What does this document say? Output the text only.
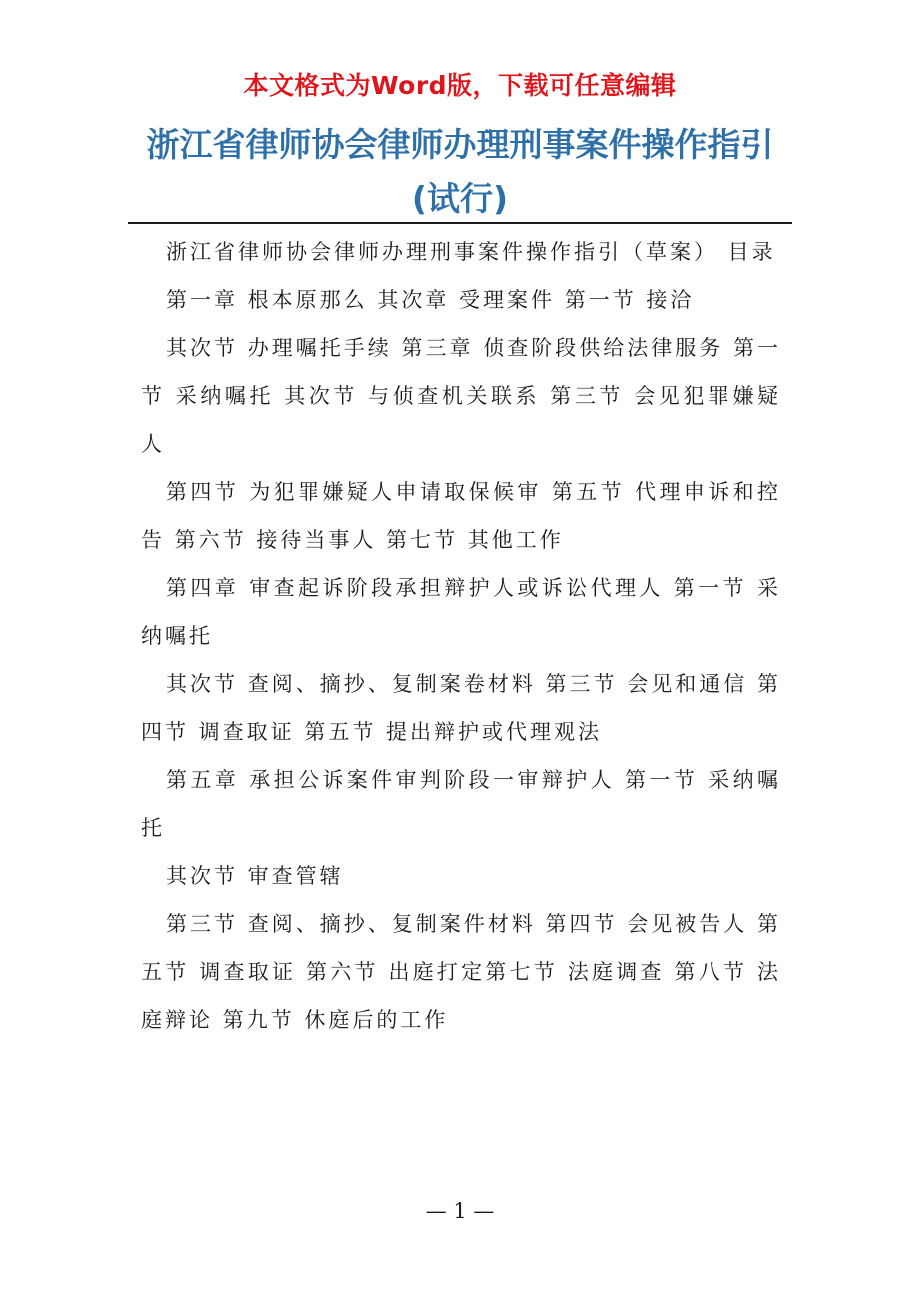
本文格式为Word版，下载可任意编辑
浙江省律师协会律师办理刑事案件操作指引(试行)

浙江省律师协会律师办理刑事案件操作指引（草案） 目录

第一章 根本原那么 其次章 受理案件 第一节 接洽

其次节 办理嘱托手续 第三章 侦查阶段供给法律服务 第一节 采纳嘱托 其次节 与侦查机关联系 第三节 会见犯罪嫌疑人

第四节 为犯罪嫌疑人申请取保候审 第五节 代理申诉和控告 第六节 接待当事人 第七节 其他工作

第四章 审查起诉阶段承担辩护人或诉讼代理人 第一节 采纳嘱托

其次节 查阅、摘抄、复制案卷材料 第三节 会见和通信 第四节 调查取证 第五节 提出辩护或代理观法

第五章 承担公诉案件审判阶段一审辩护人 第一节 采纳嘱托

其次节 审查管辖

第三节 查阅、摘抄、复制案件材料 第四节 会见被告人 第五节 调查取证 第六节 出庭打定第七节 法庭调查 第八节 法庭辩论 第九节 休庭后的工作

— 1 —
